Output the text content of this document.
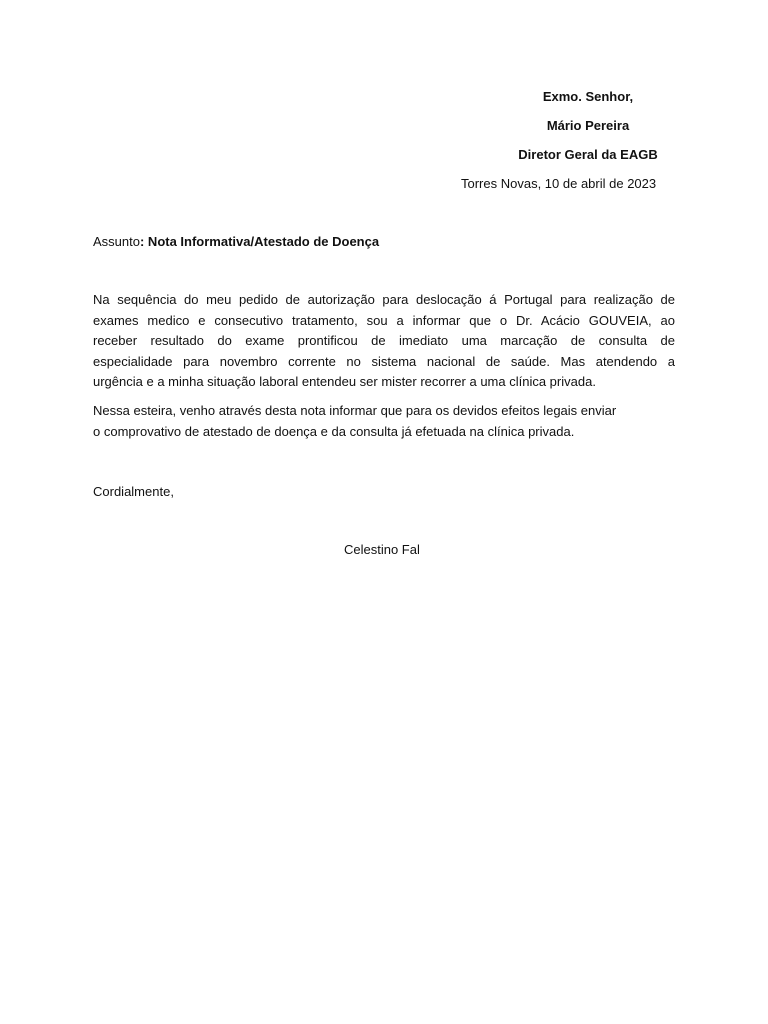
Exmo. Senhor,
Mário Pereira
Diretor Geral da EAGB
Torres Novas, 10 de abril de 2023
Assunto: Nota Informativa/Atestado de Doença
Na sequência do meu pedido de autorização para deslocação á Portugal para realização de
exames medico e consecutivo tratamento, sou a informar que o Dr. Acácio GOUVEIA, ao
receber resultado do exame prontificou de imediato uma marcação de consulta de
especialidade para novembro corrente no sistema nacional de saúde. Mas atendendo a
urgência e a minha situação laboral entendeu ser mister recorrer a uma clínica privada.
Nessa esteira, venho através desta nota informar que para os devidos efeitos legais enviar
o comprovativo de atestado de doença e da consulta já efetuada na clínica privada.
Cordialmente,
Celestino Fal
